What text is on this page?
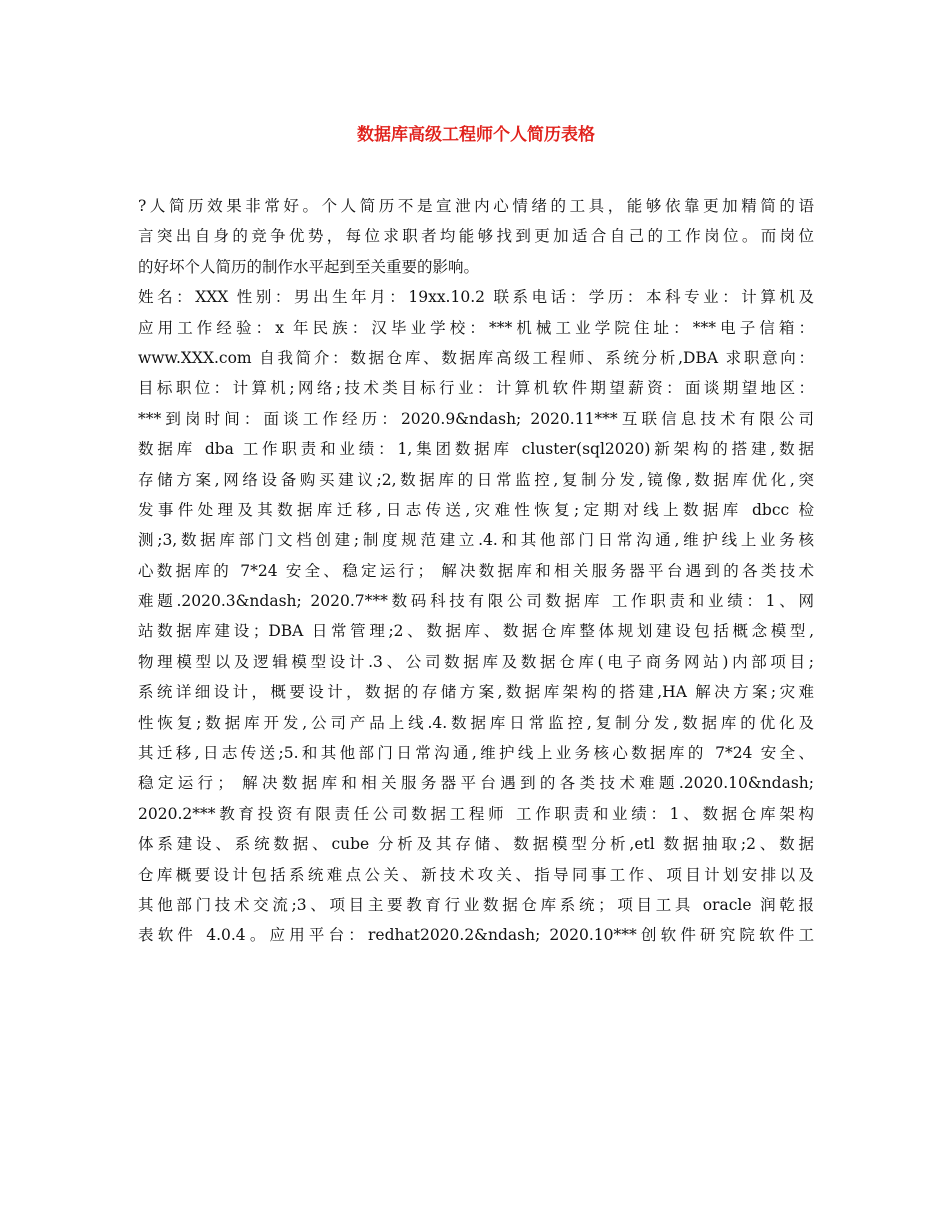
数据库高级工程师个人简历表格
?人简历效果非常好。个人简历不是宣泄内心情绪的工具，能够依靠更加精简的语
言突出自身的竞争优势，每位求职者均能够找到更加适合自己的工作岗位。而岗位
的好坏个人简历的制作水平起到至关重要的影响。
姓名：XXX 性别：男出生年月：19xx.10.2 联系电话：学历：本科专业：计算机及
应用工作经验：x 年民族：汉毕业学校：***机械工业学院住址：***电子信箱：
www.XXX.com 自我简介：数据仓库、数据库高级工程师、系统分析,DBA 求职意向：
目标职位：计算机;网络;技术类目标行业：计算机软件期望薪资：面谈期望地区：
***到岗时间：面谈工作经历：2020.9&ndash; 2020.11***互联信息技术有限公司
数据库 dba 工作职责和业绩：1,集团数据库 cluster(sql2020)新架构的搭建,数据
存储方案,网络设备购买建议;2,数据库的日常监控,复制分发,镜像,数据库优化,突
发事件处理及其数据库迁移,日志传送,灾难性恢复;定期对线上数据库 dbcc 检
测;3,数据库部门文档创建;制度规范建立.4.和其他部门日常沟通,维护线上业务核
心数据库的 7*24 安全、稳定运行； 解决数据库和相关服务器平台遇到的各类技术
难题.2020.3&ndash; 2020.7***数码科技有限公司数据库 工作职责和业绩：1、网
站数据库建设；DBA 日常管理;2、数据库、数据仓库整体规划建设包括概念模型,
物理模型以及逻辑模型设计.3、公司数据库及数据仓库(电子商务网站)内部项目;
系统详细设计，概要设计，数据的存储方案,数据库架构的搭建,HA 解决方案;灾难
性恢复;数据库开发,公司产品上线.4.数据库日常监控,复制分发,数据库的优化及
其迁移,日志传送;5.和其他部门日常沟通,维护线上业务核心数据库的 7*24 安全、
稳定运行； 解决数据库和相关服务器平台遇到的各类技术难题.2020.10&ndash;
2020.2***教育投资有限责任公司数据工程师 工作职责和业绩：1、数据仓库架构
体系建设、系统数据、cube 分析及其存储、数据模型分析,etl 数据抽取;2、数据
仓库概要设计包括系统难点公关、新技术攻关、指导同事工作、项目计划安排以及
其他部门技术交流;3、项目主要教育行业数据仓库系统；项目工具 oracle 润乾报
表软件 4.0.4。应用平台：redhat2020.2&ndash; 2020.10***创软件研究院软件工
